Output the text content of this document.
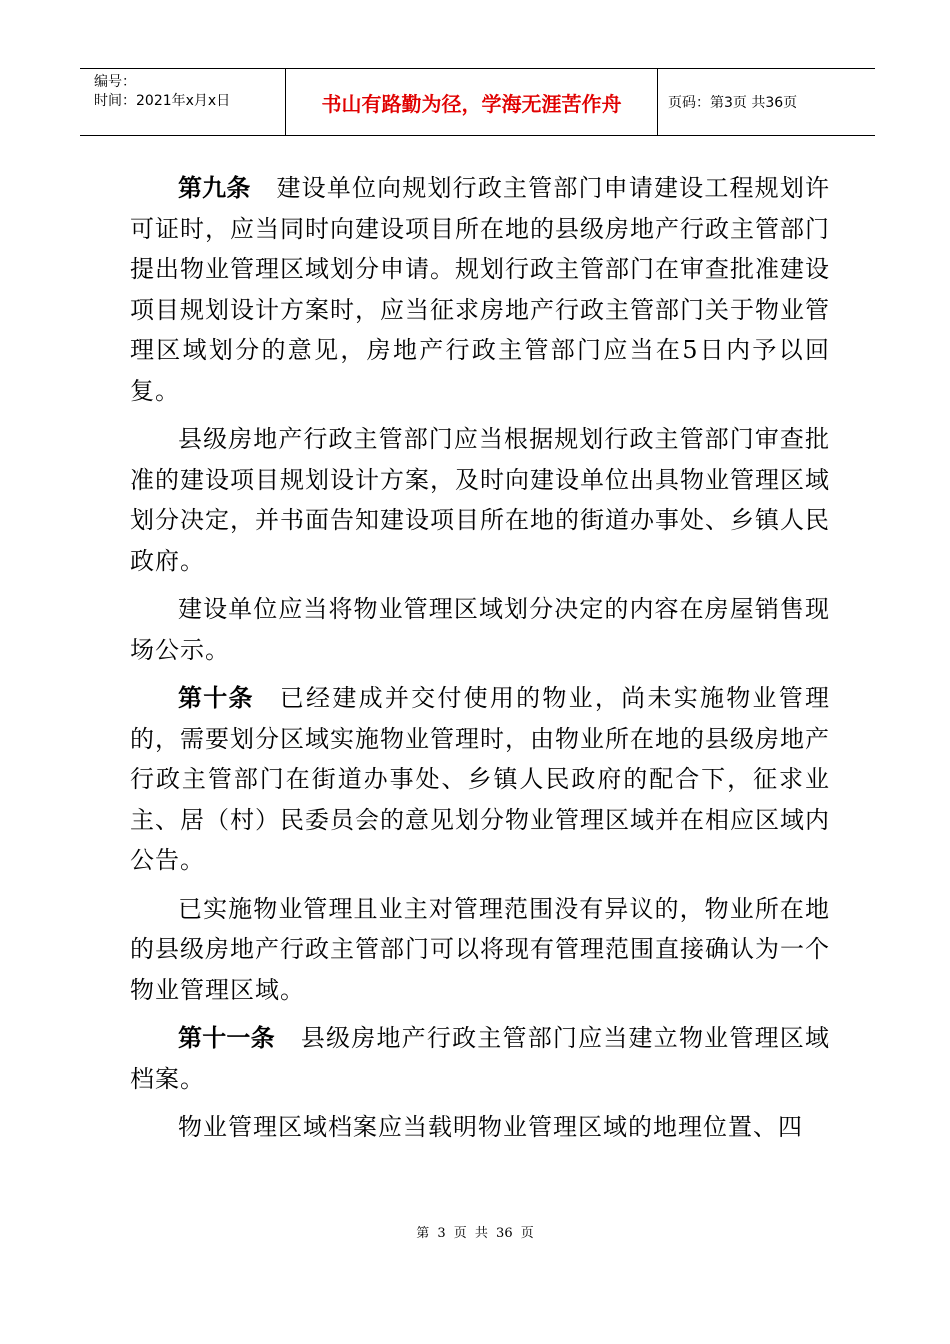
编号：
时间：2021年x月x日	书山有路勤为径，学海无涯苦作舟	页码：第3页 共36页

第九条 建设单位向规划行政主管部门申请建设工程规划许可证时，应当同时向建设项目所在地的县级房地产行政主管部门提出物业管理区域划分申请。规划行政主管部门在审查批准建设项目规划设计方案时，应当征求房地产行政主管部门关于物业管理区域划分的意见，房地产行政主管部门应当在5日内予以回复。

县级房地产行政主管部门应当根据规划行政主管部门审查批准的建设项目规划设计方案，及时向建设单位出具物业管理区域划分决定，并书面告知建设项目所在地的街道办事处、乡镇人民政府。

建设单位应当将物业管理区域划分决定的内容在房屋销售现场公示。

第十条 已经建成并交付使用的物业，尚未实施物业管理的，需要划分区域实施物业管理时，由物业所在地的县级房地产行政主管部门在街道办事处、乡镇人民政府的配合下，征求业主、居（村）民委员会的意见划分物业管理区域并在相应区域内公告。

已实施物业管理且业主对管理范围没有异议的，物业所在地的县级房地产行政主管部门可以将现有管理范围直接确认为一个物业管理区域。

第十一条 县级房地产行政主管部门应当建立物业管理区域档案。

物业管理区域档案应当载明物业管理区域的地理位置、四

第 3 页 共 36 页
